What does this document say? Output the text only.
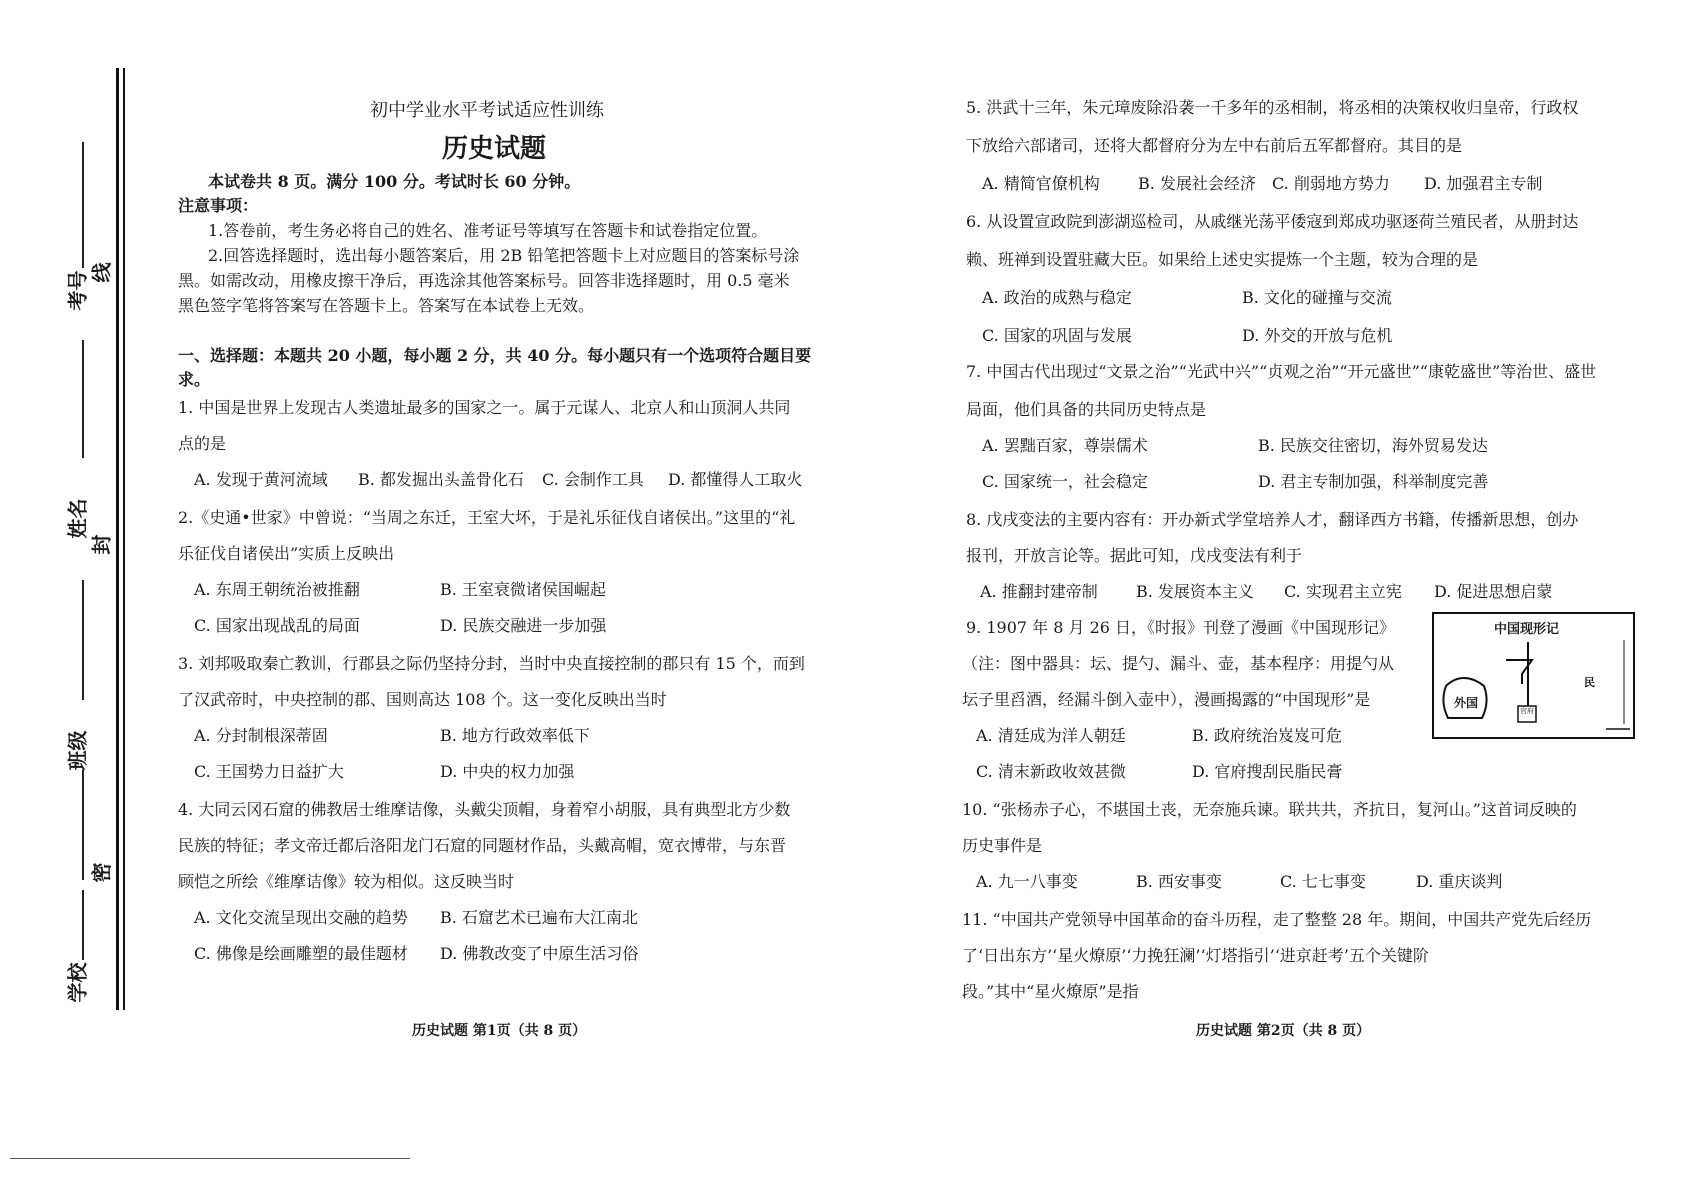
考号 线
姓名
封
班级
密
学校
初中学业水平考试适应性训练
历史试题
本试卷共 8 页。满分 100 分。考试时长 60 分钟。
注意事项：
1.答卷前，考生务必将自己的姓名、准考证号等填写在答题卡和试卷指定位置。
2.回答选择题时，选出每小题答案后，用 2B 铅笔把答题卡上对应题目的答案标号涂
黑。如需改动，用橡皮擦干净后，再选涂其他答案标号。回答非选择题时，用 0.5 毫米
黑色签字笔将答案写在答题卡上。答案写在本试卷上无效。
一、选择题：本题共 20 小题，每小题 2 分，共 40 分。每小题只有一个选项符合题目要
求。
1. 中国是世界上发现古人类遗址最多的国家之一。属于元谋人、北京人和山顶洞人共同
点的是
A. 发现于黄河流域 B. 都发掘出头盖骨化石 C. 会制作工具 D. 都懂得人工取火
2.《史通•世家》中曾说：“当周之东迁，王室大坏，于是礼乐征伐自诸侯出。”这里的“礼
乐征伐自诸侯出”实质上反映出
A. 东周王朝统治被推翻	B. 王室衰微诸侯国崛起
C. 国家出现战乱的局面	D. 民族交融进一步加强
3. 刘邦吸取秦亡教训，行郡县之际仍坚持分封，当时中央直接控制的郡只有 15 个，而到
了汉武帝时，中央控制的郡、国则高达 108 个。这一变化反映出当时
A. 分封制根深蒂固	B. 地方行政效率低下
C. 王国势力日益扩大	D. 中央的权力加强
4. 大同云冈石窟的佛教居士维摩诘像，头戴尖顶帽，身着窄小胡服，具有典型北方少数
民族的特征；孝文帝迁都后洛阳龙门石窟的同题材作品，头戴高帽，宽衣博带，与东晋
顾恺之所绘《维摩诘像》较为相似。这反映当时
A. 文化交流呈现出交融的趋势 B. 石窟艺术已遍布大江南北
C. 佛像是绘画雕塑的最佳题材 D. 佛教改变了中原生活习俗
历史试题 第1页（共 8 页）
5. 洪武十三年，朱元璋废除沿袭一千多年的丞相制，将丞相的决策权收归皇帝，行政权
下放给六部诸司，还将大都督府分为左中右前后五军都督府。其目的是
A. 精简官僚机构 B. 发展社会经济 C. 削弱地方势力 D. 加强君主专制
6. 从设置宣政院到澎湖巡检司，从戚继光荡平倭寇到郑成功驱逐荷兰殖民者，从册封达
赖、班禅到设置驻藏大臣。如果给上述史实提炼一个主题，较为合理的是
A. 政治的成熟与稳定	B. 文化的碰撞与交流
C. 国家的巩固与发展	D. 外交的开放与危机
7. 中国古代出现过“文景之治”“光武中兴”“贞观之治”“开元盛世”“康乾盛世”等治世、盛世
局面，他们具备的共同历史特点是
A. 罢黜百家，尊崇儒术	B. 民族交往密切，海外贸易发达
C. 国家统一，社会稳定	D. 君主专制加强，科举制度完善
8. 戊戌变法的主要内容有：开办新式学堂培养人才，翻译西方书籍，传播新思想，创办
报刊，开放言论等。据此可知，戊戌变法有利于
A. 推翻封建帝制 B. 发展资本主义 C. 实现君主立宪 D. 促进思想启蒙
9. 1907 年 8 月 26 日，《时报》刊登了漫画《中国现形记》
（注：图中器具：坛、提勺、漏斗、壶，基本程序：用提勺从
坛子里舀酒，经漏斗倒入壶中），漫画揭露的“中国现形”是
A. 清廷成为洋人朝廷	B. 政府统治岌岌可危
C. 清末新政收效甚微	D. 官府搜刮民脂民膏
中国现形记
外国
官府
民
10. “张杨赤子心，不堪国土丧，无奈施兵谏。联共共，齐抗日，复河山。”这首词反映的
历史事件是
A. 九一八事变	B. 西安事变	C. 七七事变	D. 重庆谈判
11. “中国共产党领导中国革命的奋斗历程，走了整整 28 年。期间，中国共产党先后经历
了‘日出东方’‘星火燎原’‘力挽狂澜’‘灯塔指引’‘进京赶考’五个关键阶
段。”其中“星火燎原”是指
历史试题 第2页（共 8 页）
